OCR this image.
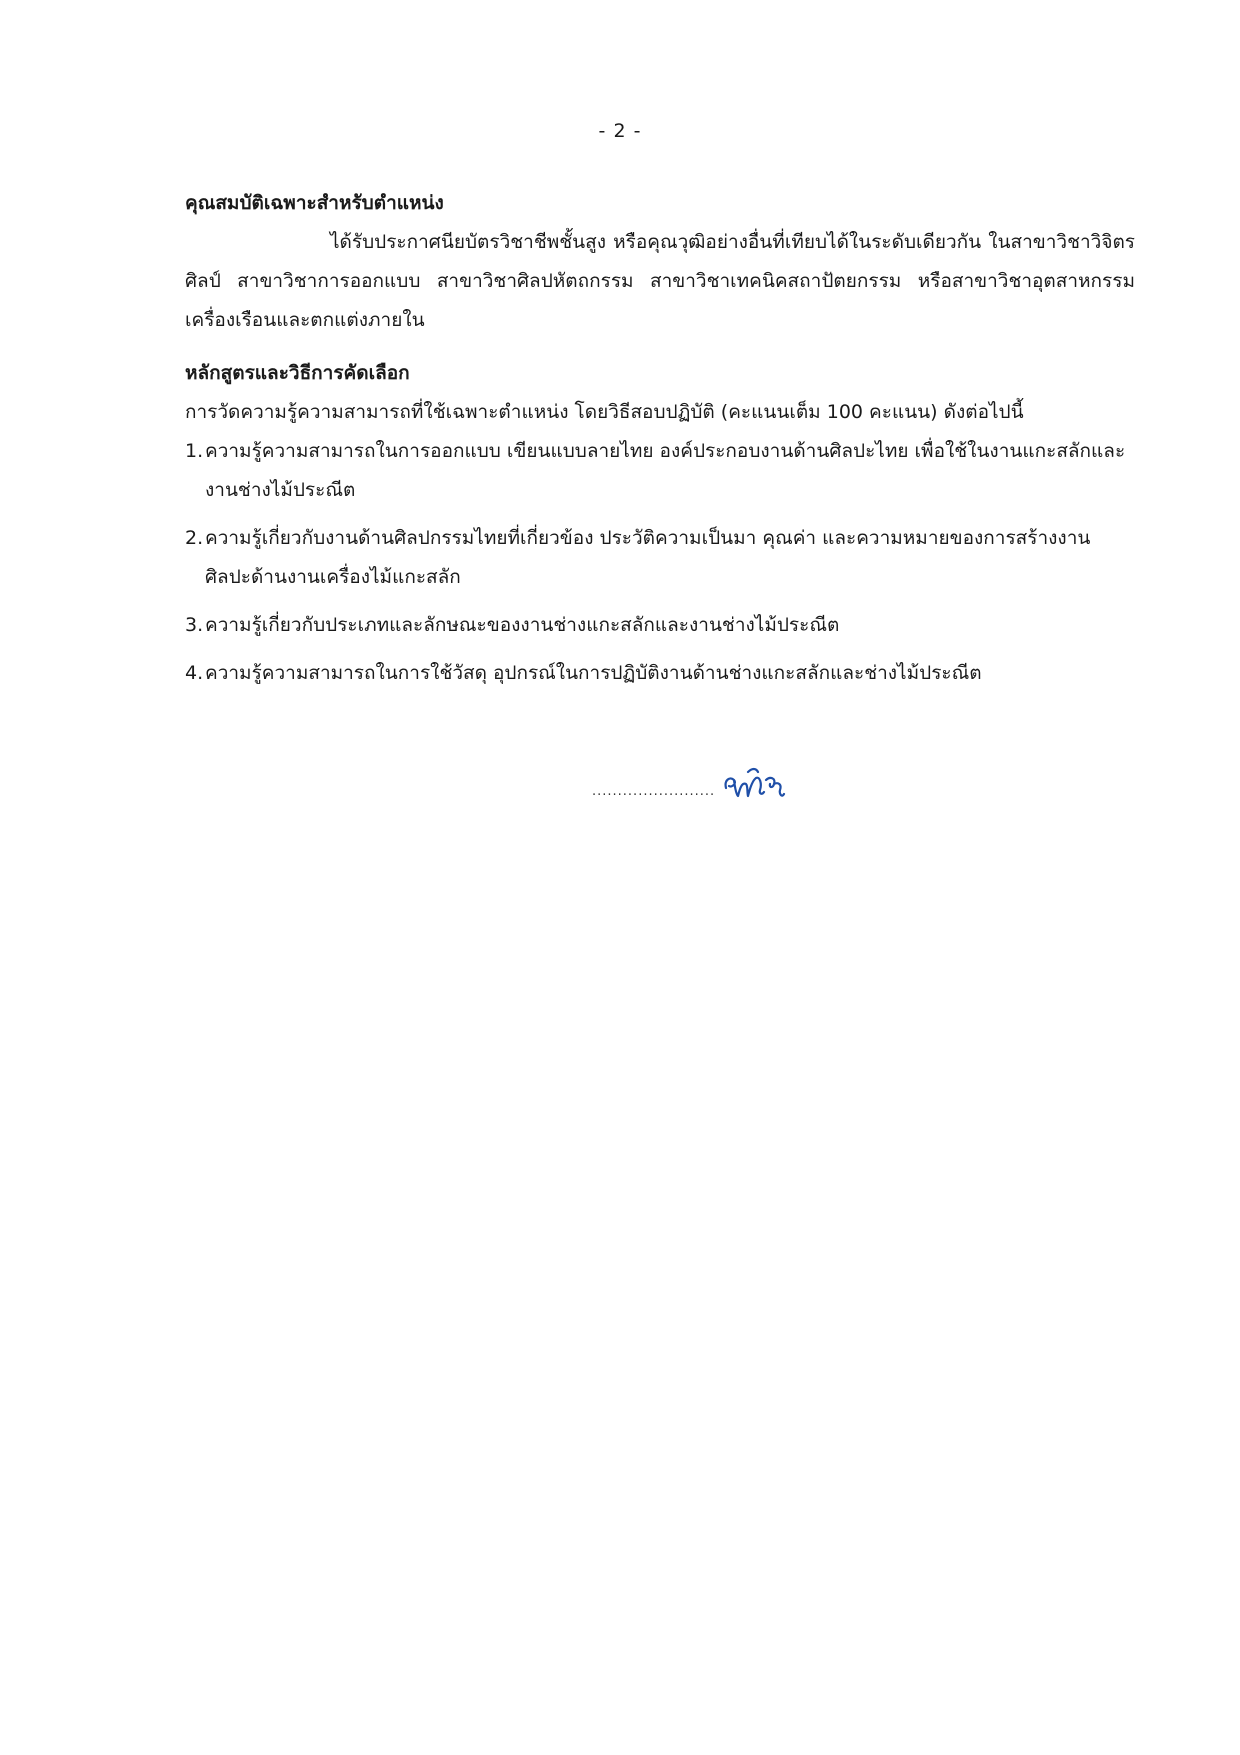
- 2 -
คุณสมบัติเฉพาะสำหรับตำแหน่ง

ได้รับประกาศนียบัตรวิชาชีพชั้นสูง หรือคุณวุฒิอย่างอื่นที่เทียบได้ในระดับเดียวกัน ในสาขาวิชาวิจิตรศิลป์ สาขาวิชาการออกแบบ สาขาวิชาศิลปหัตถกรรม สาขาวิชาเทคนิคสถาปัตยกรรม หรือสาขาวิชาอุตสาหกรรมเครื่องเรือนและตกแต่งภายใน

หลักสูตรและวิธีการคัดเลือก

การวัดความรู้ความสามารถที่ใช้เฉพาะตำแหน่ง โดยวิธีสอบปฏิบัติ (คะแนนเต็ม 100 คะแนน) ดังต่อไปนี้

1. ความรู้ความสามารถในการออกแบบ เขียนแบบลายไทย องค์ประกอบงานด้านศิลปะไทย เพื่อใช้ในงานแกะสลักและงานช่างไม้ประณีต
2. ความรู้เกี่ยวกับงานด้านศิลปกรรมไทยที่เกี่ยวข้อง ประวัติความเป็นมา คุณค่า และความหมายของการสร้างงานศิลปะด้านงานเครื่องไม้แกะสลัก
3. ความรู้เกี่ยวกับประเภทและลักษณะของงานช่างแกะสลักและงานช่างไม้ประณีต
4. ความรู้ความสามารถในการใช้วัสดุ อุปกรณ์ในการปฏิบัติงานด้านช่างแกะสลักและช่างไม้ประณีต
........................
